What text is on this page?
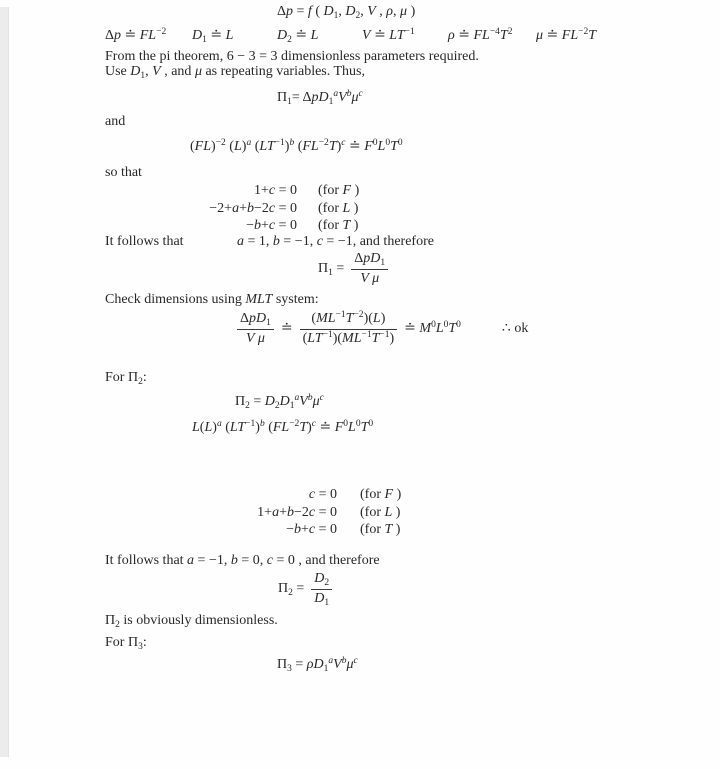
Δp = f ( $D_1$, $D_2$, V , ρ, μ )
Δp ≐ $FL^{-2}$ $D_1$ ≐ L	$D_2$ ≐ L	V ≐ $LT^{-1}$ ρ ≐ $FL^{-4}T^2$ μ ≐ $FL^{-2}T$
From the pi theorem, 6 − 3 = 3 dimensionless parameters required.
Use $D_1$, V , and μ as repeating variables. Thus,
$\Pi_1= \Delta pD_1^aV^b\mu^c$
and
(FL)$^{-2}$ $(L)^a$ $(LT^{-1})^b$ $(FL^{-2}T)^c$ ≐ $F^0L^0T^0$
so that
1+c = 0 (for F )
−2+a+b−2c = 0 (for L )
−b+c = 0 (for T )
It follows that	a = 1, b = −1, c = −1, and therefore
$\Pi_1 = \frac{\Delta pD_1}{\text{V μ}}$
Check dimensions using MLT system:
$\frac{\Delta pD_1}{\text{V μ}}$ ≐ $\frac{(ML^{-1}T^{-2})(L)}{(LT^{-1})(ML^{-1}T^{-1})}$ ≐ $M^0L^0T^0$	∴ ok
For $\Pi_2$:
$\Pi_2 = D_2D_1^aV^b\mu^c$
$L(L)^a$ $(LT^{-1})^b$ $(FL^{-2}T)^c$ ≐ $F^0L^0T^0$
c = 0 (for F )
1+a+b−2c = 0 (for L )
−b+c = 0 (for T )
It follows that a = −1, b = 0, c = 0 , and therefore
$\Pi_2 = \frac{D_2}{D_1}$
$\Pi_2$ is obviously dimensionless.
For $\Pi_3$:
$\Pi_3 = \rho D_1^aV^b\mu^c$
